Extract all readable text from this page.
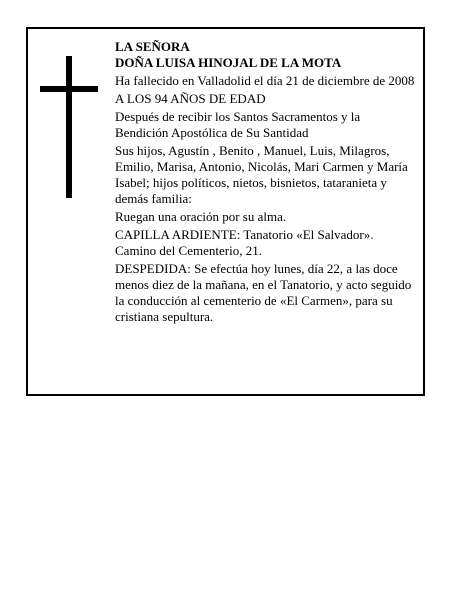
LA SEÑORA

DOÑA LUISA HINOJAL DE LA MOTA

Ha fallecido en Valladolid el día 21 de diciembre de 2008

A LOS 94 AÑOS DE EDAD

Después de recibir los Santos Sacramentos y la Bendición Apostólica de Su Santidad

Sus hijos, Agustín , Benito , Manuel, Luis, Milagros, Emilio, Marisa, Antonio, Nicolás, Mari Carmen y María Isabel; hijos políticos, nietos, bisnietos, tataranieta y demás familia:

Ruegan una oración por su alma.

CAPILLA ARDIENTE: Tanatorio «El Salvador». Camino del Cementerio, 21.

DESPEDIDA: Se efectúa hoy lunes, día 22, a las doce menos diez de la mañana, en el Tanatorio, y acto seguido la conducción al cementerio de «El Carmen», para su cristiana sepultura.
